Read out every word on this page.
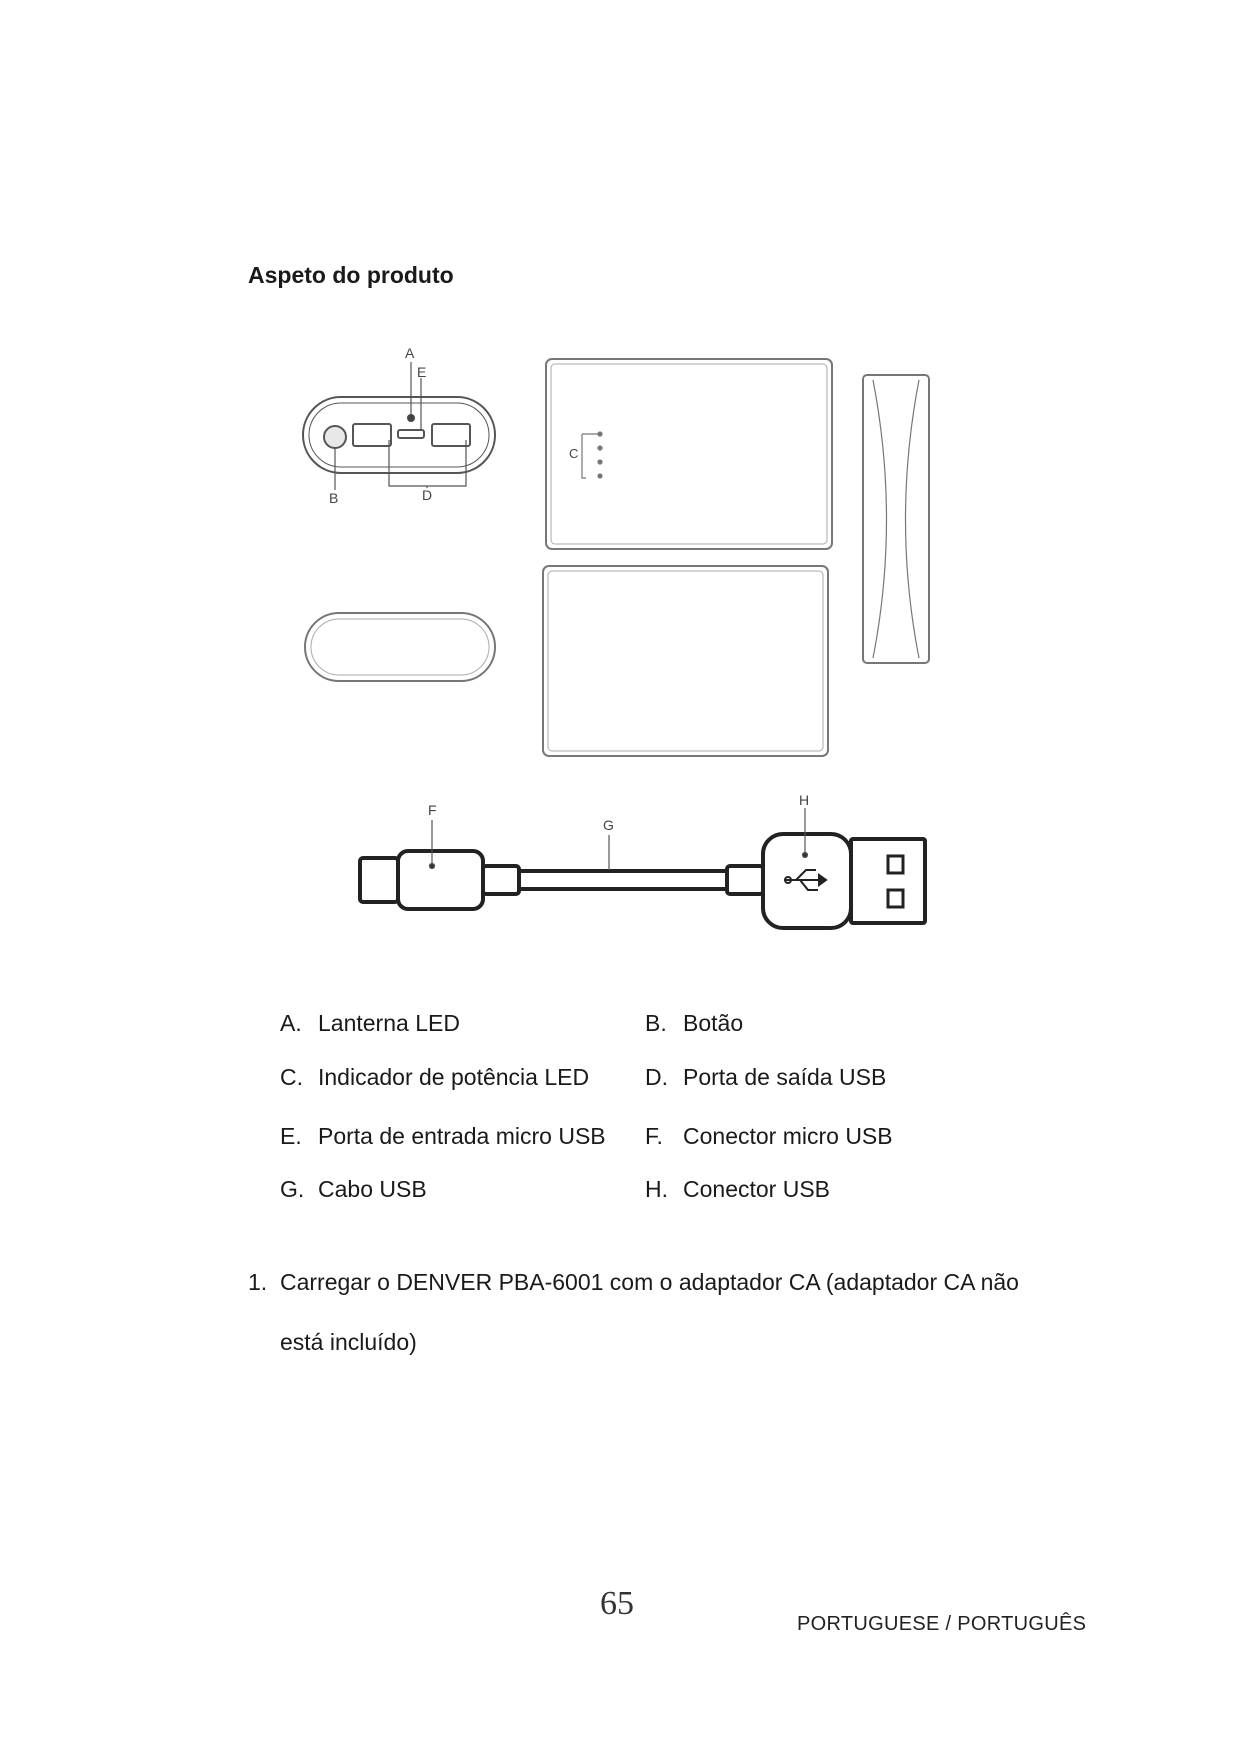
Aspeto do produto
A
E
B	D
C
F
G
H
A. Lanterna LED	B. Botão
C. Indicador de potência LED D. Porta de saída USB
E. Porta de entrada micro USB F. Conector micro USB
G. Cabo USB	H. Conector USB
1. Carregar o DENVER PBA-6001 com o adaptador CA (adaptador CA não está incluído)
65
PORTUGUESE / PORTUGUÊS
